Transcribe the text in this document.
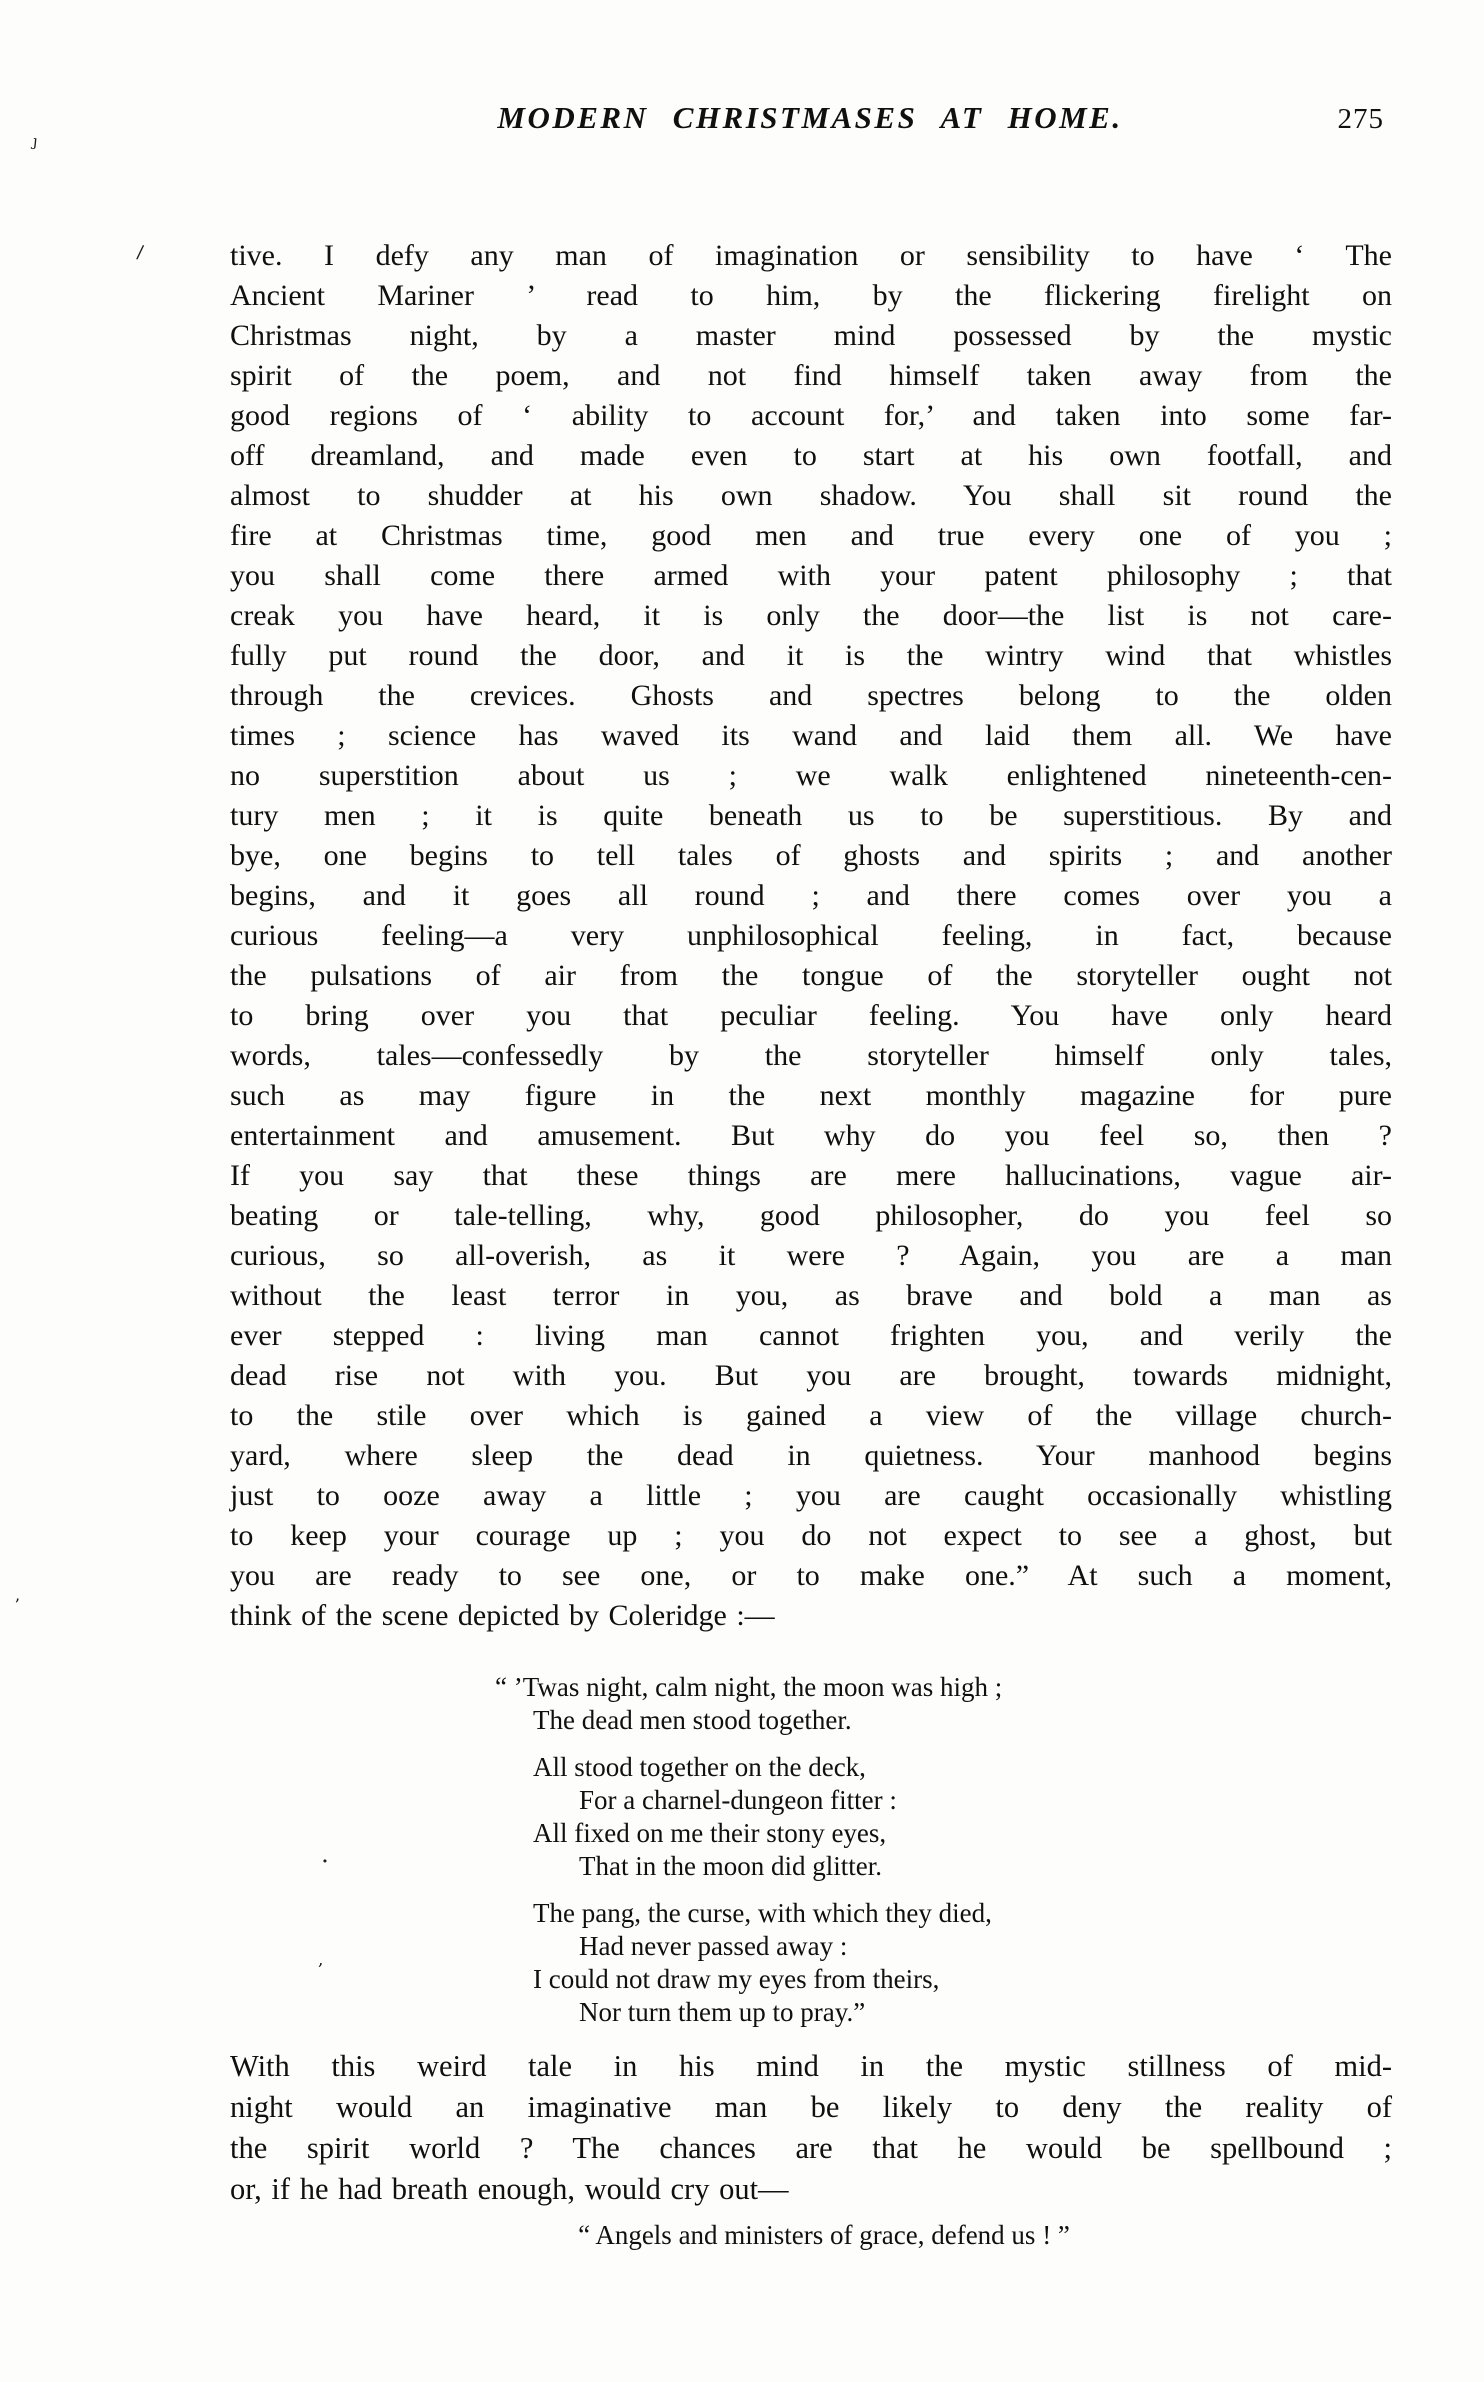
MODERN CHRISTMASES AT HOME.	275
ȷ
/
ʼ
·
,
tive. I defy any man of imagination or sensibility to have ‘ The
Ancient Mariner ’ read to him, by the flickering firelight on
Christmas night, by a master mind possessed by the mystic
spirit of the poem, and not find himself taken away from the
good regions of ‘ ability to account for,’ and taken into some far-
off dreamland, and made even to start at his own footfall, and
almost to shudder at his own shadow. You shall sit round the
fire at Christmas time, good men and true every one of you ;
you shall come there armed with your patent philosophy ; that
creak you have heard, it is only the door—the list is not care-
fully put round the door, and it is the wintry wind that whistles
through the crevices. Ghosts and spectres belong to the olden
times ; science has waved its wand and laid them all. We have
no superstition about us ; we walk enlightened nineteenth-cen-
tury men ; it is quite beneath us to be superstitious. By and
bye, one begins to tell tales of ghosts and spirits ; and another
begins, and it goes all round ; and there comes over you a
curious feeling—a very unphilosophical feeling, in fact, because
the pulsations of air from the tongue of the storyteller ought not
to bring over you that peculiar feeling. You have only heard
words, tales—confessedly by the storyteller himself only tales,
such as may figure in the next monthly magazine for pure
entertainment and amusement. But why do you feel so, then ?
If you say that these things are mere hallucinations, vague air-
beating or tale-telling, why, good philosopher, do you feel so
curious, so all-overish, as it were ? Again, you are a man
without the least terror in you, as brave and bold a man as
ever stepped : living man cannot frighten you, and verily the
dead rise not with you. But you are brought, towards midnight,
to the stile over which is gained a view of the village church-
yard, where sleep the dead in quietness. Your manhood begins
just to ooze away a little ; you are caught occasionally whistling
to keep your courage up ; you do not expect to see a ghost, but
you are ready to see one, or to make one.” At such a moment,
think of the scene depicted by Coleridge :—
“ ’Twas night, calm night, the moon was high ;
The dead men stood together.
All stood together on the deck,
For a charnel-dungeon fitter :
All fixed on me their stony eyes,
That in the moon did glitter.
The pang, the curse, with which they died,
Had never passed away :
I could not draw my eyes from theirs,
Nor turn them up to pray.”
With this weird tale in his mind in the mystic stillness of mid-
night would an imaginative man be likely to deny the reality of
the spirit world ? The chances are that he would be spellbound ;
or, if he had breath enough, would cry out—
“ Angels and ministers of grace, defend us ! ”
